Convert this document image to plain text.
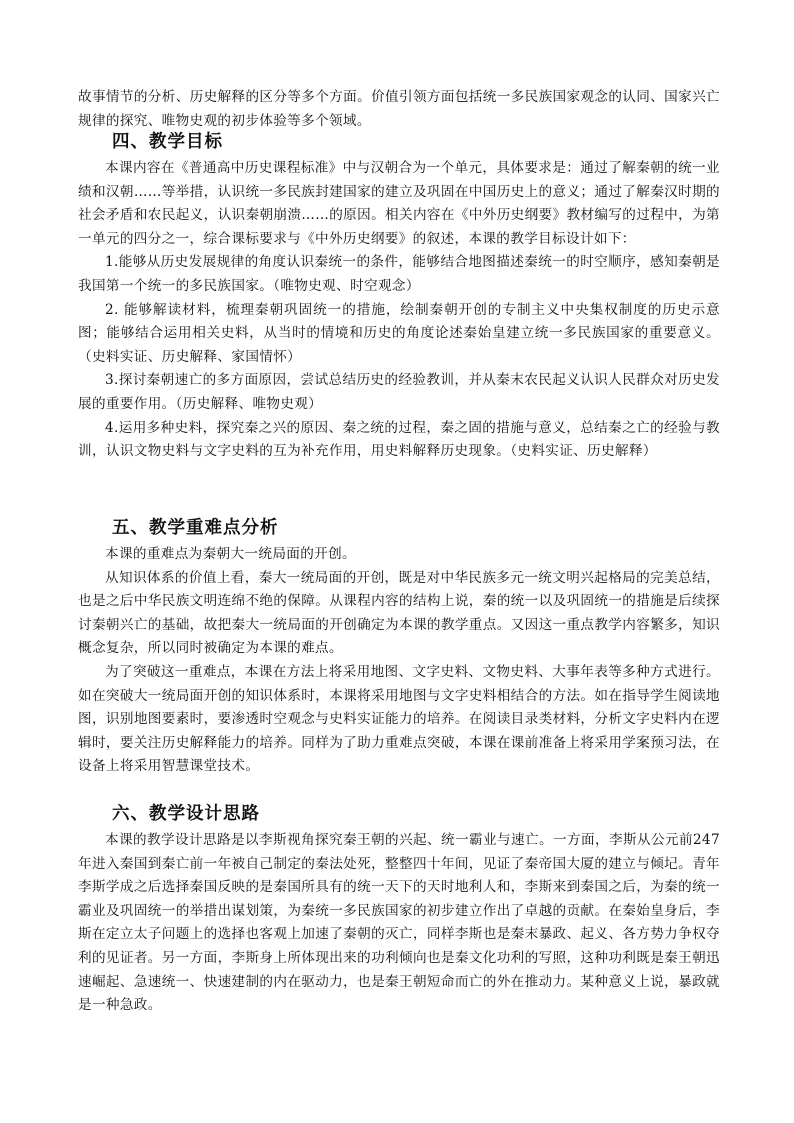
故事情节的分析、历史解释的区分等多个方面。价值引领方面包括统一多民族国家观念的认同、国家兴亡规律的探究、唯物史观的初步体验等多个领域。

四、教学目标

本课内容在《普通高中历史课程标准》中与汉朝合为一个单元，具体要求是：通过了解秦朝的统一业绩和汉朝……等举措，认识统一多民族封建国家的建立及巩固在中国历史上的意义；通过了解秦汉时期的社会矛盾和农民起义，认识秦朝崩溃……的原因。相关内容在《中外历史纲要》教材编写的过程中，为第一单元的四分之一，综合课标要求与《中外历史纲要》的叙述，本课的教学目标设计如下：

1.能够从历史发展规律的角度认识秦统一的条件，能够结合地图描述秦统一的时空顺序，感知秦朝是我国第一个统一的多民族国家。（唯物史观、时空观念）

2. 能够解读材料，梳理秦朝巩固统一的措施，绘制秦朝开创的专制主义中央集权制度的历史示意图；能够结合运用相关史料，从当时的情境和历史的角度论述秦始皇建立统一多民族国家的重要意义。（史料实证、历史解释、家国情怀）

3.探讨秦朝速亡的多方面原因，尝试总结历史的经验教训，并从秦末农民起义认识人民群众对历史发展的重要作用。（历史解释、唯物史观）

4.运用多种史料，探究秦之兴的原因、秦之统的过程，秦之固的措施与意义，总结秦之亡的经验与教训，认识文物史料与文字史料的互为补充作用，用史料解释历史现象。（史料实证、历史解释）

五、教学重难点分析

本课的重难点为秦朝大一统局面的开创。

从知识体系的价值上看，秦大一统局面的开创，既是对中华民族多元一统文明兴起格局的完美总结，也是之后中华民族文明连绵不绝的保障。从课程内容的结构上说，秦的统一以及巩固统一的措施是后续探讨秦朝兴亡的基础，故把秦大一统局面的开创确定为本课的教学重点。又因这一重点教学内容繁多，知识概念复杂，所以同时被确定为本课的难点。

为了突破这一重难点，本课在方法上将采用地图、文字史料、文物史料、大事年表等多种方式进行。如在突破大一统局面开创的知识体系时，本课将采用地图与文字史料相结合的方法。如在指导学生阅读地图，识别地图要素时，要渗透时空观念与史料实证能力的培养。在阅读目录类材料，分析文字史料内在逻辑时，要关注历史解释能力的培养。同样为了助力重难点突破，本课在课前准备上将采用学案预习法，在设备上将采用智慧课堂技术。

六、教学设计思路

本课的教学设计思路是以李斯视角探究秦王朝的兴起、统一霸业与速亡。一方面，李斯从公元前247年进入秦国到秦亡前一年被自己制定的秦法处死，整整四十年间，见证了秦帝国大厦的建立与倾圮。青年李斯学成之后选择秦国反映的是秦国所具有的统一天下的天时地利人和，李斯来到秦国之后，为秦的统一霸业及巩固统一的举措出谋划策，为秦统一多民族国家的初步建立作出了卓越的贡献。在秦始皇身后，李斯在定立太子问题上的选择也客观上加速了秦朝的灭亡，同样李斯也是秦末暴政、起义、各方势力争权夺利的见证者。另一方面，李斯身上所体现出来的功利倾向也是秦文化功利的写照，这种功利既是秦王朝迅速崛起、急速统一、快速建制的内在驱动力，也是秦王朝短命而亡的外在推动力。某种意义上说，暴政就是一种急政。
